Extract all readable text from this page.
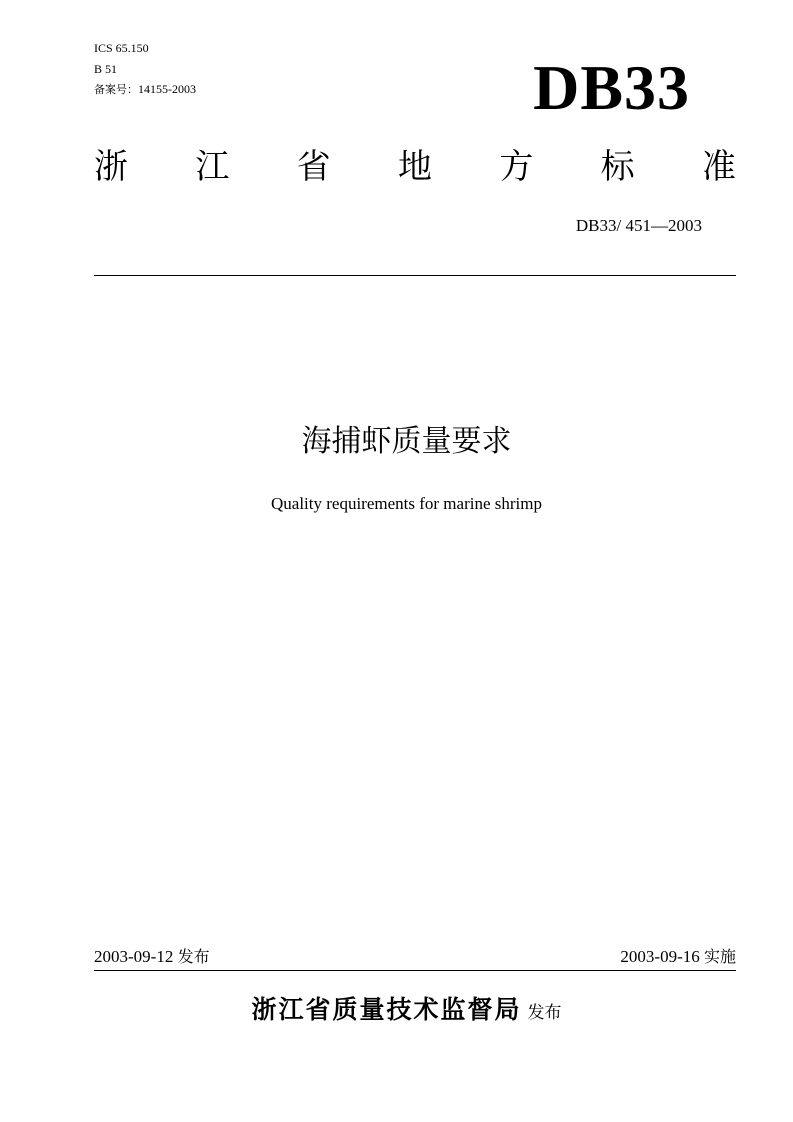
ICS 65.150
B 51
备案号：14155-2003	DB33
浙 江 省 地 方 标 准
DB33/ 451—2003
海捕虾质量要求
Quality requirements for marine shrimp
2003-09-12 发布	2003-09-16 实施
浙江省质量技术监督局 发布
